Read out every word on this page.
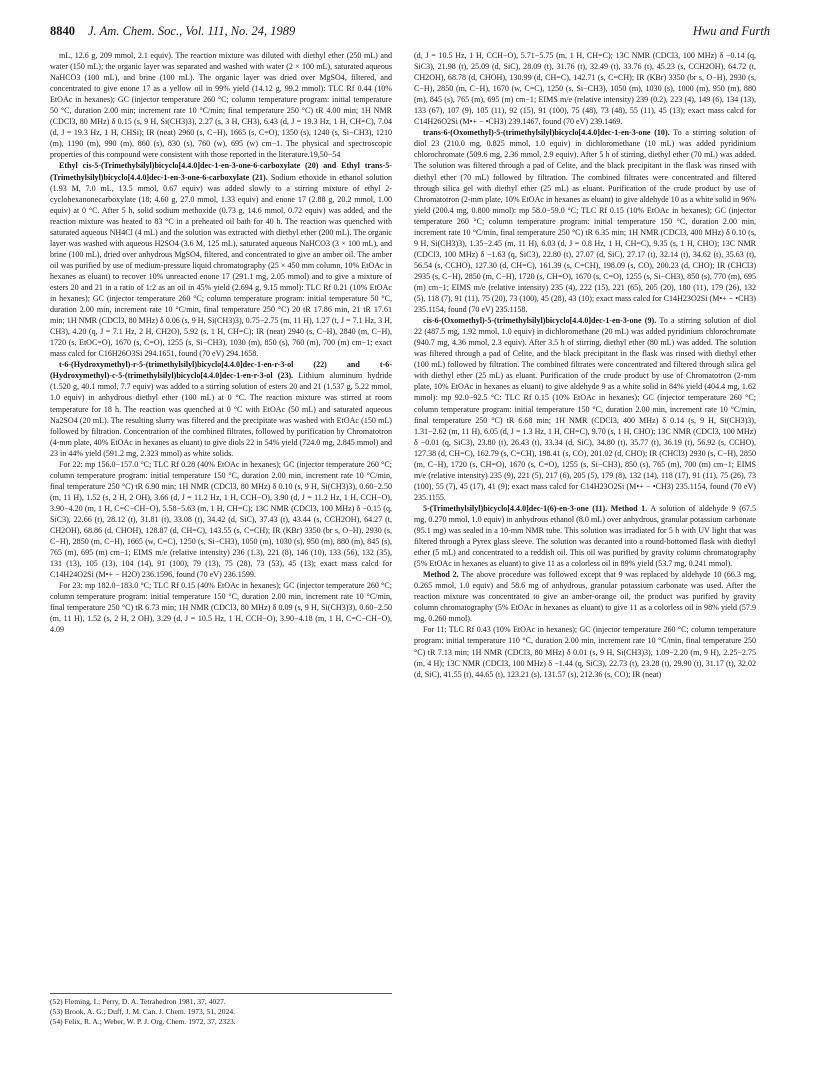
8840 J. Am. Chem. Soc., Vol. 111, No. 24, 1989	Hwu and Furth

mL, 12.6 g, 209 mmol, 2.1 equiv). The reaction mixture was diluted with diethyl ether (250 mL) and water (150 mL); the organic layer was separated and washed with water (2 × 100 mL), saturated aqueous NaHCO3 (100 mL), and brine (100 mL). The organic layer was dried over MgSO4, filtered, and concentrated to give enone 17 as a yellow oil in 99% yield (14.12 g, 99.2 mmol): TLC Rf 0.44 (10% EtOAc in hexanes); GC (injector temperature 260 °C; column temperature program: initial temperature 50 °C, duration 2.00 min; increment rate 10 °C/min; final temperature 250 °C) tR 4.00 min; 1H NMR (CDCl3, 80 MHz) δ 0.15 (s, 9 H, Si(CH3)3), 2.27 (s, 3 H, CH3), 6.43 (d, J = 19.3 Hz, 1 H, CH=C), 7.04 (d, J = 19.3 Hz, 1 H, CHSi); IR (neat) 2960 (s, C−H), 1665 (s, C=O), 1350 (s), 1240 (s, Si−CH3), 1210 (m), 1190 (m), 990 (m), 860 (s), 830 (s), 760 (w), 695 (w) cm−1. The physical and spectroscopic properties of this compound were consistent with those reported in the literature.19,50−54

Ethyl cis-5-(Trimethylsilyl)bicyclo[4.4.0]dec-1-en-3-one-6-carboxylate (20) and Ethyl trans-5-(Trimethylsilyl)bicyclo[4.4.0]dec-1-en-3-one-6-carboxylate (21). Sodium ethoxide in ethanol solution (1.93 M, 7.0 mL, 13.5 mmol, 0.67 equiv) was added slowly to a stirring mixture of ethyl 2-cyclohexanonecarboxylate (18; 4.60 g, 27.0 mmol, 1.33 equiv) and enone 17 (2.88 g, 20.2 mmol, 1.00 equiv) at 0 °C. After 5 h, solid sodium methoxide (0.73 g, 14.6 mmol, 0.72 equiv) was added, and the reaction mixture was heated to 83 °C in a preheated oil bath for 40 h. The reaction was quenched with saturated aqueous NH4Cl (4 mL) and the solution was extracted with diethyl ether (200 mL). The organic layer was washed with aqueous H2SO4 (3.6 M, 125 mL), saturated aqueous NaHCO3 (3 × 100 mL), and brine (100 mL), dried over anhydrous MgSO4, filtered, and concentrated to give an amber oil. The amber oil was purified by use of medium-pressure liquid chromatography (25 × 450 mm column, 10% EtOAc in hexanes as eluant) to recover 10% unreacted enone 17 (291.1 mg, 2.05 mmol) and to give a mixture of esters 20 and 21 in a ratio of 1:2 as an oil in 45% yield (2.694 g, 9.15 mmol): TLC Rf 0.21 (10% EtOAc in hexanes); GC (injector temperature 260 °C; column temperature program: initial temperature 50 °C, duration 2.00 min, increment rate 10 °C/min, final temperature 250 °C) 20 tR 17.86 min, 21 tR 17.61 min; 1H NMR (CDCl3, 80 MHz) δ 0.06 (s, 9 H, Si(CH3)3), 0.75−2.75 (m, 11 H), 1.27 (t, J = 7.1 Hz, 3 H, CH3), 4.20 (q, J = 7.1 Hz, 2 H, CH2O), 5.92 (s, 1 H, CH=C); IR (neat) 2940 (s, C−H), 2840 (m, C−H), 1720 (s, EtOC=O), 1670 (s, C=O), 1255 (s, Si−CH3), 1030 (m), 850 (s), 760 (m), 700 (m) cm−1; exact mass calcd for C16H26O3Si 294.1651, found (70 eV) 294.1658.

t-6-(Hydroxymethyl)-r-5-(trimethylsilyl)bicyclo[4.4.0]dec-1-en-r-3-ol (22) and t-6-(Hydroxymethyl)-c-5-(trimethylsilyl)bicyclo[4.4.0]dec-1-en-r-3-ol (23). Lithium aluminum hydride (1.520 g, 40.1 mmol, 7.7 equiv) was added to a stirring solution of esters 20 and 21 (1.537 g, 5.22 mmol, 1.0 equiv) in anhydrous diethyl ether (100 mL) at 0 °C. The reaction mixture was stirred at room temperature for 18 h. The reaction was quenched at 0 °C with EtOAc (50 mL) and saturated aqueous Na2SO4 (20 mL). The resulting slurry was filtered and the precipitate was washed with EtOAc (150 mL) followed by filtration. Concentration of the combined filtrates, followed by purification by Chromatotron (4-mm plate, 40% EtOAc in hexanes as eluant) to give diols 22 in 54% yield (724.0 mg, 2.845 mmol) and 23 in 44% yield (591.2 mg, 2.323 mmol) as white solids.

For 22: mp 156.0−157.0 °C; TLC Rf 0.28 (40% EtOAc in hexanes); GC (injector temperature 260 °C; column temperature program: initial temperature 150 °C, duration 2.00 min, increment rate 10 °C/min, final temperature 250 °C) tR 6.90 min; 1H NMR (CDCl3, 80 MHz) δ 0.10 (s, 9 H, Si(CH3)3), 0.60−2.50 (m, 11 H), 1.52 (s, 2 H, 2 OH), 3.66 (d, J = 11.2 Hz, 1 H, CCH−O), 3.90 (d, J = 11.2 Hz, 1 H, CCH−O), 3.90−4.20 (m, 1 H, C=C−CH−O), 5.58−5.63 (m, 1 H, CH=C); 13C NMR (CDCl3, 100 MHz) δ −0.15 (q, SiC3), 22.66 (t), 28.12 (t), 31.81 (t), 33.08 (t), 34.42 (d, SiC), 37.43 (t), 43.44 (s, CCH2OH), 64.27 (t, CH2OH), 68.86 (d, CHOH), 128.87 (d, CH=C), 143.55 (s, C=CH); IR (KBr) 3350 (br s, O−H), 2930 (s, C−H), 2850 (m, C−H), 1665 (w, C=C), 1250 (s, Si−CH3), 1050 (m), 1030 (s), 950 (m), 880 (m), 845 (s), 765 (m), 695 (m) cm−1; EIMS m/e (relative intensity) 236 (1.3), 221 (8), 146 (10), 133 (56), 132 (35), 131 (13), 105 (13), 104 (14), 91 (100), 79 (13), 75 (28), 73 (53), 45 (13); exact mass calcd for C14H24O2Si (M•+ − H2O) 236.1596, found (70 eV) 236.1599.

For 23: mp 182.0−183.0 °C; TLC Rf 0.15 (40% EtOAc in hexanes); GC (injector temperature 260 °C; column temperature program: initial temperature 150 °C, duration 2.00 min, increment rate 10 °C/min, final temperature 250 °C) tR 6.73 min; 1H NMR (CDCl3, 80 MHz) δ 0.09 (s, 9 H, Si(CH3)3), 0.60−2.50 (m, 11 H), 1.52 (s, 2 H, 2 OH), 3.29 (d, J = 10.5 Hz, 1 H, CCH−O), 3.90−4.18 (m, 1 H, C=C−CH−O), 4.09

(d, J = 10.5 Hz, 1 H, CCH−O), 5.71−5.75 (m, 1 H, CH=C); 13C NMR (CDCl3, 100 MHz) δ −0.14 (q, SiC3), 21.98 (t), 25.09 (d, SiC), 28.09 (t), 31.76 (t), 32.49 (t), 33.76 (t), 45.23 (s, CCH2OH), 64.72 (t, CH2OH), 68.78 (d, CHOH), 130.99 (d, CH=C), 142.71 (s, C=CH); IR (KBr) 3350 (br s, O−H), 2930 (s, C−H), 2850 (m, C−H), 1670 (w, C=C), 1250 (s, Si−CH3), 1050 (m), 1030 (s), 1000 (m), 950 (m), 880 (m), 845 (s), 765 (m), 695 (m) cm−1; EIMS m/e (relative intensity) 239 (0.2), 223 (4), 149 (6), 134 (13), 133 (67), 107 (9), 105 (11), 92 (15), 91 (100), 75 (48), 73 (48), 55 (11), 45 (13); exact mass calcd for C14H26O2Si (M•+ − •CH3) 239.1467, found (70 eV) 239.1469.

trans-6-(Oxomethyl)-5-(trimethylsilyl)bicyclo[4.4.0]dec-1-en-3-one (10). To a stirring solution of diol 23 (210.0 mg, 0.825 mmol, 1.0 equiv) in dichloromethane (10 mL) was added pyridinium chlorochromate (509.6 mg, 2.36 mmol, 2.9 equiv). After 5 h of stirring, diethyl ether (70 mL) was added. The solution was filtered through a pad of Celite, and the black precipitant in the flask was rinsed with diethyl ether (70 mL) followed by filtration. The combined filtrates were concentrated and filtered through silica gel with diethyl ether (25 mL) as eluant. Purification of the crude product by use of Chromatotron (2-mm plate, 10% EtOAc in hexanes as eluant) to give aldehyde 10 as a white solid in 96% yield (200.4 mg, 0.800 mmol): mp 58.0−59.0 °C; TLC Rf 0.15 (10% EtOAc in hexanes); GC (injector temperature 260 °C; column temperature program: initial temperature 150 °C, duration 2.00 min, increment rate 10 °C/min, final temperature 250 °C) tR 6.35 min; 1H NMR (CDCl3, 400 MHz) δ 0.10 (s, 9 H, Si(CH3)3), 1.35−2.45 (m, 11 H), 6.03 (d, J = 0.8 Hz, 1 H, CH=C), 9.35 (s, 1 H, CHO); 13C NMR (CDCl3, 100 MHz) δ −1.63 (q, SiC3), 22.80 (t), 27.07 (d, SiC), 27.17 (t), 32.14 (t), 34.62 (t), 35.63 (t), 56.54 (s, CCHO), 127.30 (d, CH=C), 161.39 (s, C=CH), 198.09 (s, CO), 200.23 (d, CHO); IR (CHCl3) 2935 (s, C−H), 2850 (m, C−H), 1720 (s, CH=O), 1670 (s, C=O), 1255 (s, Si−CH3), 850 (s), 770 (m), 695 (m) cm−1; EIMS m/e (relative intensity) 235 (4), 222 (15), 221 (65), 205 (20), 180 (11), 179 (26), 132 (5), 118 (7), 91 (11), 75 (20), 73 (100), 45 (28), 43 (10); exact mass calcd for C14H23O2Si (M•+ − •CH3) 235.1154, found (70 eV) 235.1158.

cis-6-(Oxomethyl)-5-(trimethylsilyl)bicyclo[4.4.0]dec-1-en-3-one (9). To a stirring solution of diol 22 (487.5 mg, 1.92 mmol, 1.0 equiv) in dichloromethane (20 mL) was added pyridinium chlorochromate (940.7 mg, 4.36 mmol, 2.3 equiv). After 3.5 h of stirring, diethyl ether (80 mL) was added. The solution was filtered through a pad of Celite, and the black precipitant in the flask was rinsed with diethyl ether (100 mL) followed by filtration. The combined filtrates were concentrated and filtered through silica gel with diethyl ether (25 mL) as eluant. Purification of the crude product by use of Chromatotron (2-mm plate, 10% EtOAc in hexanes as eluant) to give aldehyde 9 as a white solid in 84% yield (404.4 mg, 1.62 mmol): mp 92.0−92.5 °C: TLC Rf 0.15 (10% EtOAc in hexanes); GC (injector temperature 260 °C; column temperature program: initial temperature 150 °C, duration 2.00 min, increment rate 10 °C/min, final temperature 250 °C) tR 6.68 min; 1H NMR (CDCl3, 400 MHz) δ 0.14 (s, 9 H, Si(CH3)3), 1.31−2.62 (m, 11 H), 6.05 (d, J = 1.3 Hz, 1 H, CH=C), 9.70 (s, 1 H, CHO); 13C NMR (CDCl3, 100 MHz) δ −0.01 (q, SiC3), 23.80 (t), 26.43 (t), 33.34 (d, SiC), 34.80 (t), 35.77 (t), 36.19 (t), 56.92 (s, CCHO), 127.38 (d, CH=C), 162.79 (s, C=CH), 198.41 (s, CO), 201.02 (d, CHO); IR (CHCl3) 2930 (s, C−H), 2850 (m, C−H), 1720 (s, CH=O), 1670 (s, C=O), 1255 (s, Si−CH3), 850 (s), 765 (m), 700 (m) cm−1; EIMS m/e (relative intensity) 235 (9), 221 (5), 217 (6), 205 (5), 179 (8), 132 (14), 118 (17), 91 (11), 75 (26), 73 (100), 55 (7), 45 (17), 41 (9); exact mass calcd for C14H23O2Si (M•+ − •CH3) 235.1154, found (70 eV) 235.1155.

5-(Trimethylsilyl)bicyclo[4.4.0]dec-1(6)-en-3-one (11). Method 1. A solution of aldehyde 9 (67.5 mg, 0.270 mmol, 1.0 equiv) in anhydrous ethanol (8.0 mL) over anhydrous, granular potassium carbonate (95.1 mg) was sealed in a 10-mm NMR tube. This solution was irradiated for 5 h with UV light that was filtered through a Pyrex glass sleeve. The solution was decanted into a round-bottomed flask with diethyl ether (5 mL) and concentrated to a reddish oil. This oil was purified by gravity column chromatography (5% EtOAc in hexanes as eluant) to give 11 as a colorless oil in 89% yield (53.7 mg, 0.241 mmol).

Method 2. The above procedure was followed except that 9 was replaced by aldehyde 10 (66.3 mg, 0.265 mmol, 1.0 equiv) and 58.6 mg of anhydrous, granular potassium carbonate was used. After the reaction mixture was concentrated to give an amber-orange oil, the product was purified by gravity column chromatography (5% EtOAc in hexanes as eluant) to give 11 as a colorless oil in 98% yield (57.9 mg, 0.260 mmol).

For 11: TLC Rf 0.43 (10% EtOAc in hexanes); GC (injector temperature 260 °C; column temperature program: initial temperature 110 °C, duration 2.00 min, increment rate 10 °C/min, final temperature 250 °C) tR 7.13 min; 1H NMR (CDCl3, 80 MHz) δ 0.01 (s, 9 H, Si(CH3)3), 1.09−2.20 (m, 9 H), 2.25−2.75 (m, 4 H); 13C NMR (CDCl3, 100 MHz) δ −1.44 (q, SiC3), 22.73 (t), 23.28 (t), 29.90 (t), 31.17 (t), 32.02 (d, SiC), 41.55 (t), 44.65 (t), 123.21 (s), 131.57 (s), 212.36 (s, CO); IR (neat)

(52) Fleming, I.; Perry, D. A. Tetrahedron 1981, 37, 4027.
(53) Brook, A. G.; Duff, J. M. Can. J. Chem. 1973, 51, 2024.
(54) Felix, R. A.; Weber, W. P. J. Org. Chem. 1972, 37, 2323.
